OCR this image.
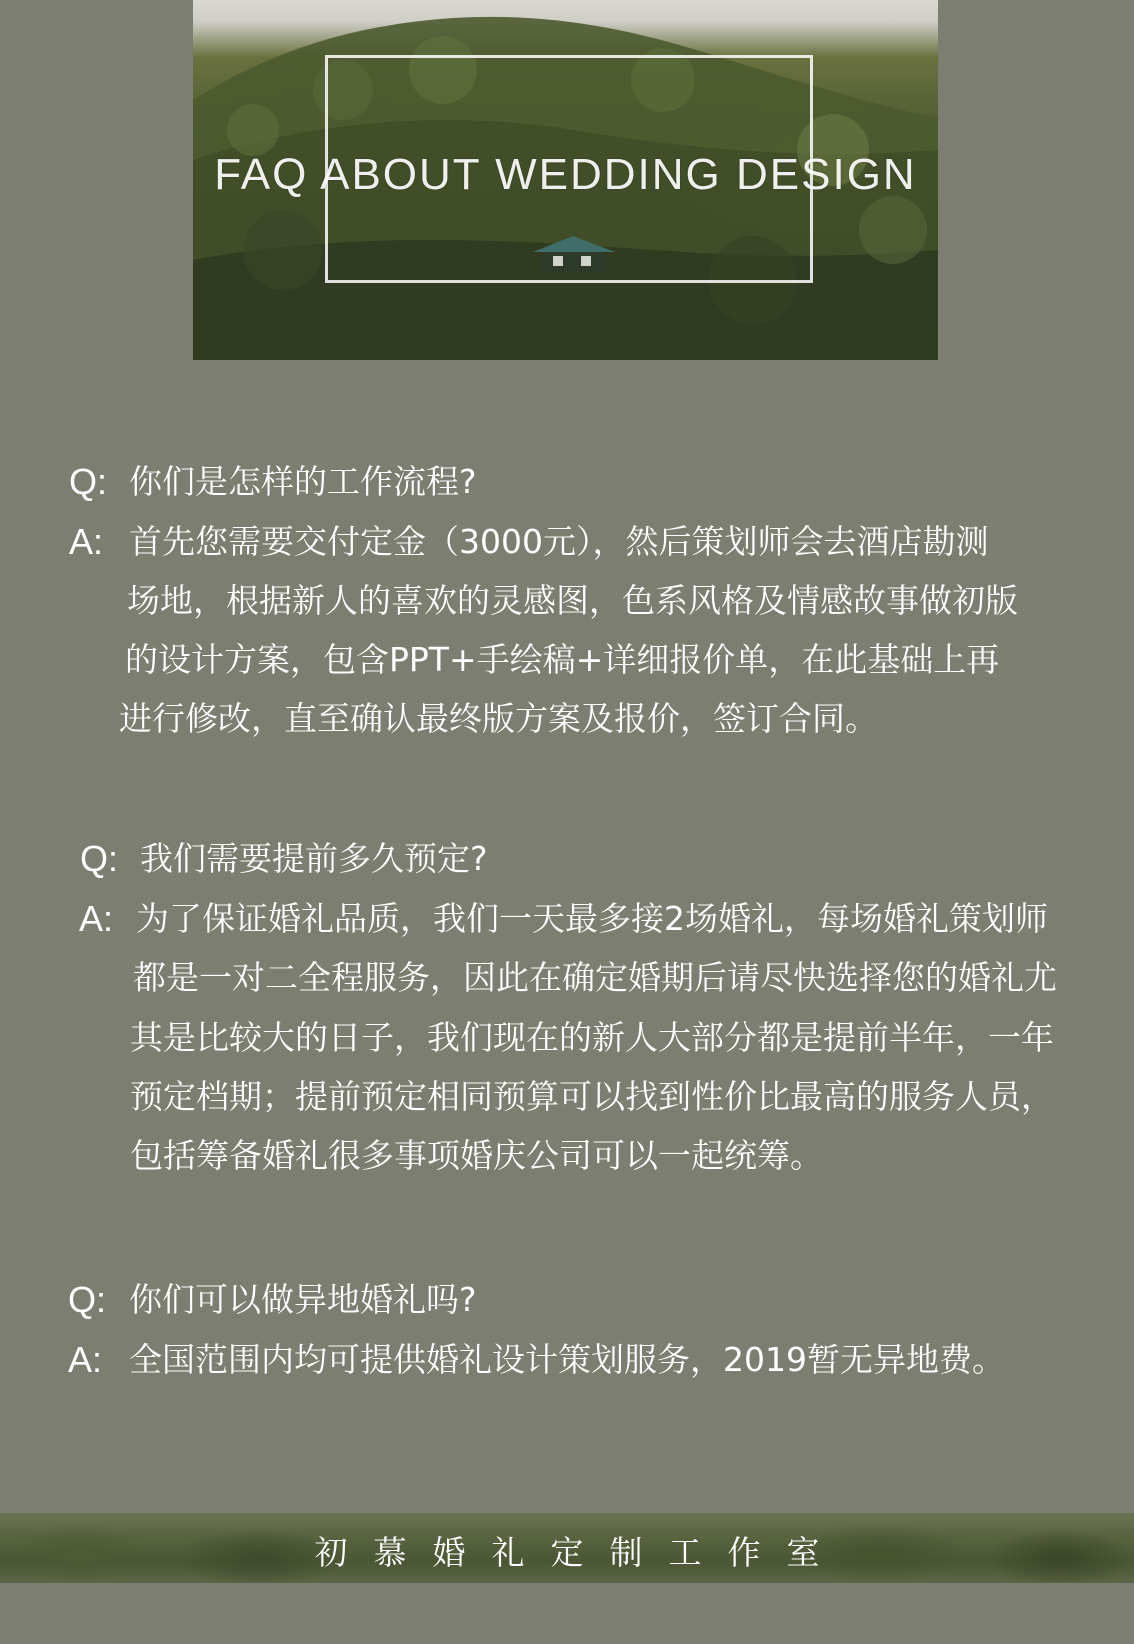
FAQ ABOUT WEDDING DESIGN
Q: 你们是怎样的工作流程?
A: 首先您需要交付定金（3000元），然后策划师会去酒店勘测
场地，根据新人的喜欢的灵感图，色系风格及情感故事做初版
的设计方案，包含PPT+手绘稿+详细报价单，在此基础上再
进行修改，直至确认最终版方案及报价，签订合同。
Q: 我们需要提前多久预定?
A: 为了保证婚礼品质，我们一天最多接2场婚礼，每场婚礼策划师
都是一对二全程服务，因此在确定婚期后请尽快选择您的婚礼尤
其是比较大的日子，我们现在的新人大部分都是提前半年，一年
预定档期；提前预定相同预算可以找到性价比最高的服务人员，
包括筹备婚礼很多事项婚庆公司可以一起统筹。
Q: 你们可以做异地婚礼吗?
A: 全国范围内均可提供婚礼设计策划服务，2019暂无异地费。
初慕婚礼定制工作室
